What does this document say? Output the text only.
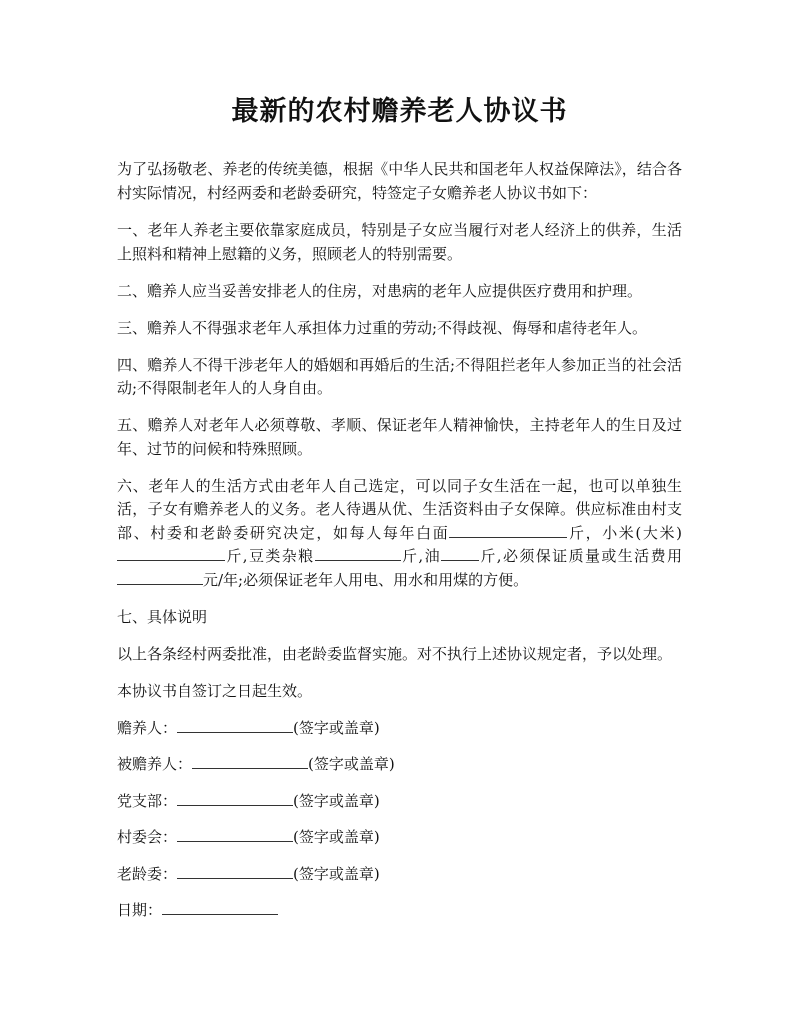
最新的农村赡养老人协议书

为了弘扬敬老、养老的传统美德，根据《中华人民共和国老年人权益保障法》，结合各村实际情况，村经两委和老龄委研究，特签定子女赡养老人协议书如下：

一、老年人养老主要依靠家庭成员，特别是子女应当履行对老人经济上的供养，生活上照料和精神上慰籍的义务，照顾老人的特别需要。

二、赡养人应当妥善安排老人的住房，对患病的老年人应提供医疗费用和护理。

三、赡养人不得强求老年人承担体力过重的劳动;不得歧视、侮辱和虐待老年人。

四、赡养人不得干涉老年人的婚姻和再婚后的生活;不得阻拦老年人参加正当的社会活动;不得限制老年人的人身自由。

五、赡养人对老年人必须尊敬、孝顺、保证老年人精神愉快，主持老年人的生日及过年、过节的问候和特殊照顾。

六、老年人的生活方式由老年人自己选定，可以同子女生活在一起，也可以单独生活，子女有赡养老人的义务。老人待遇从优、生活资料由子女保障。供应标准由村支部、村委和老龄委研究决定，如每人每年白面	斤，小米(大米)斤,豆类杂粮	斤,油	斤,必须保证质量或生活费用元/年;必须保证老年人用电、用水和用煤的方便。

七、具体说明

以上各条经村两委批准，由老龄委监督实施。对不执行上述协议规定者，予以处理。

本协议书自签订之日起生效。

赡养人：	(签字或盖章)
被赡养人：	(签字或盖章)
党支部：	(签字或盖章)
村委会：	(签字或盖章)
老龄委：	(签字或盖章)
日期：
